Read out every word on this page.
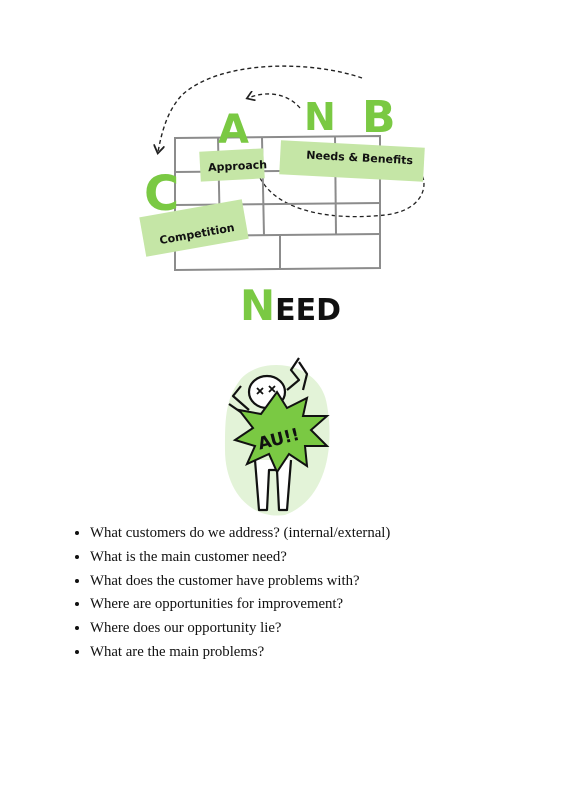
Approach	Needs & Benefits
Competition
C
A N B
NEED
AU!!
• What customers do we address? (internal/external)
• What is the main customer need?
• What does the customer have problems with?
• Where are opportunities for improvement?
• Where does our opportunity lie?
• What are the main problems?
